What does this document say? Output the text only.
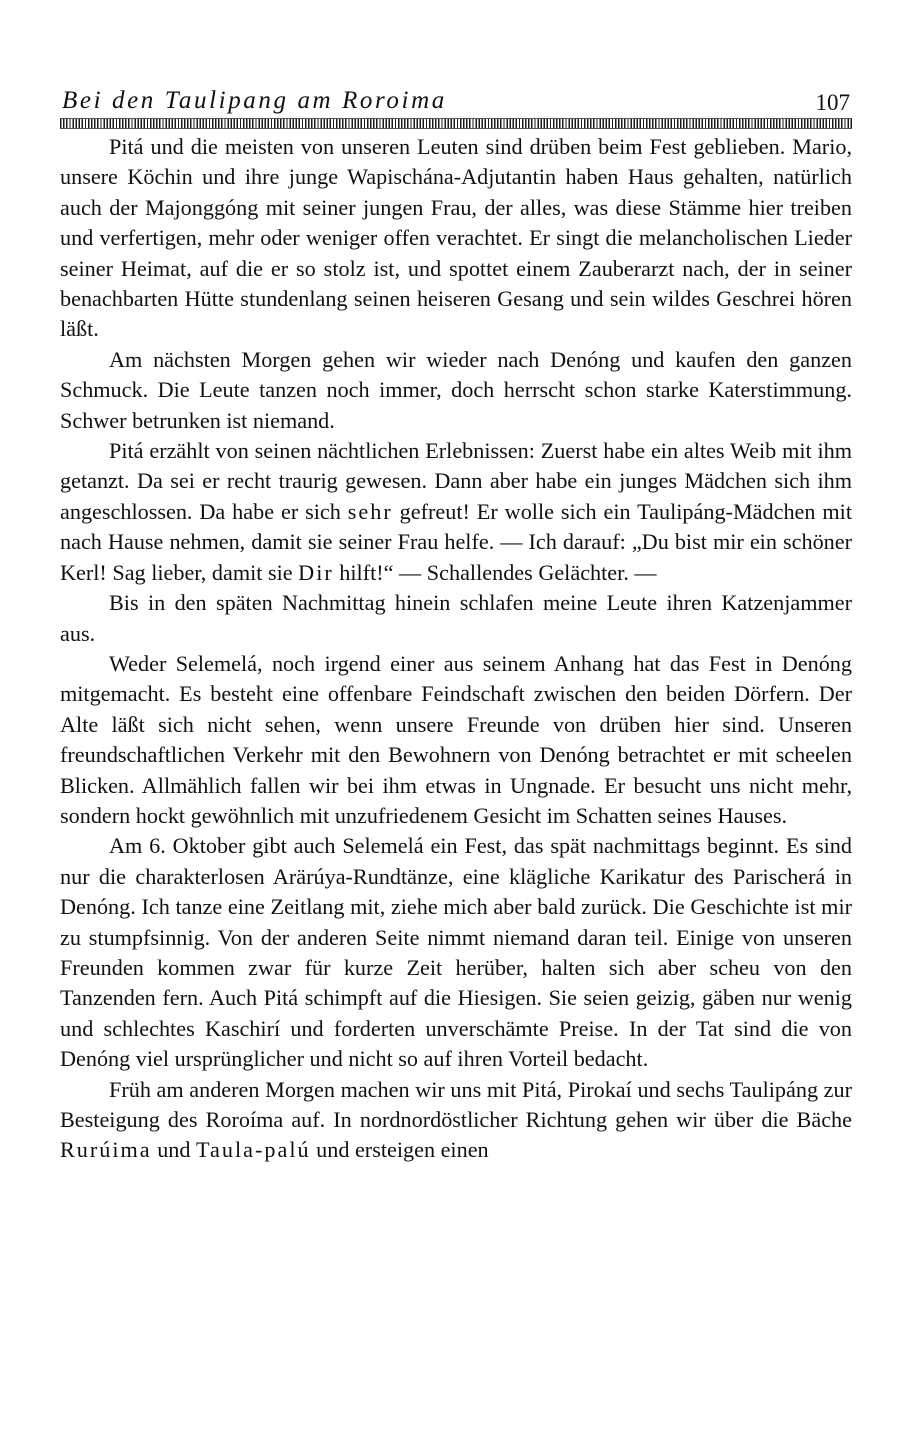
Bei den Taulipang am Roroima	107

Pitá und die meisten von unseren Leuten sind drüben beim Fest geblieben. Mario, unsere Köchin und ihre junge Wapischána-Adjutantin haben Haus gehalten, natürlich auch der Majonggóng mit seiner jungen Frau, der alles, was diese Stämme hier treiben und verfertigen, mehr oder weniger offen verachtet. Er singt die melancholischen Lieder seiner Heimat, auf die er so stolz ist, und spottet einem Zauberarzt nach, der in seiner benachbarten Hütte stundenlang seinen heiseren Gesang und sein wildes Geschrei hören läßt.

Am nächsten Morgen gehen wir wieder nach Denóng und kaufen den ganzen Schmuck. Die Leute tanzen noch immer, doch herrscht schon starke Katerstimmung. Schwer betrunken ist niemand.

Pitá erzählt von seinen nächtlichen Erlebnissen: Zuerst habe ein altes Weib mit ihm getanzt. Da sei er recht traurig gewesen. Dann aber habe ein junges Mädchen sich ihm angeschlossen. Da habe er sich sehr gefreut! Er wolle sich ein Taulipáng-Mädchen mit nach Hause nehmen, damit sie seiner Frau helfe. — Ich darauf: „Du bist mir ein schöner Kerl! Sag lieber, damit sie Dir hilft!“ — Schallendes Gelächter. —

Bis in den späten Nachmittag hinein schlafen meine Leute ihren Katzenjammer aus.

Weder Selemelá, noch irgend einer aus seinem Anhang hat das Fest in Denóng mitgemacht. Es besteht eine offenbare Feindschaft zwischen den beiden Dörfern. Der Alte läßt sich nicht sehen, wenn unsere Freunde von drüben hier sind. Unseren freundschaftlichen Verkehr mit den Bewohnern von Denóng betrachtet er mit scheelen Blicken. Allmählich fallen wir bei ihm etwas in Ungnade. Er besucht uns nicht mehr, sondern hockt gewöhnlich mit unzufriedenem Gesicht im Schatten seines Hauses.

Am 6. Oktober gibt auch Selemelá ein Fest, das spät nachmittags beginnt. Es sind nur die charakterlosen Arärúya-Rundtänze, eine klägliche Karikatur des Parischerá in Denóng. Ich tanze eine Zeitlang mit, ziehe mich aber bald zurück. Die Geschichte ist mir zu stumpfsinnig. Von der anderen Seite nimmt niemand daran teil. Einige von unseren Freunden kommen zwar für kurze Zeit herüber, halten sich aber scheu von den Tanzenden fern. Auch Pitá schimpft auf die Hiesigen. Sie seien geizig, gäben nur wenig und schlechtes Kaschirí und forderten unverschämte Preise. In der Tat sind die von Denóng viel ursprünglicher und nicht so auf ihren Vorteil bedacht.

Früh am anderen Morgen machen wir uns mit Pitá, Pirokaí und sechs Taulipáng zur Besteigung des Roroíma auf. In nordnordöstlicher Richtung gehen wir über die Bäche Rurúima und Taula-palú und ersteigen einen
